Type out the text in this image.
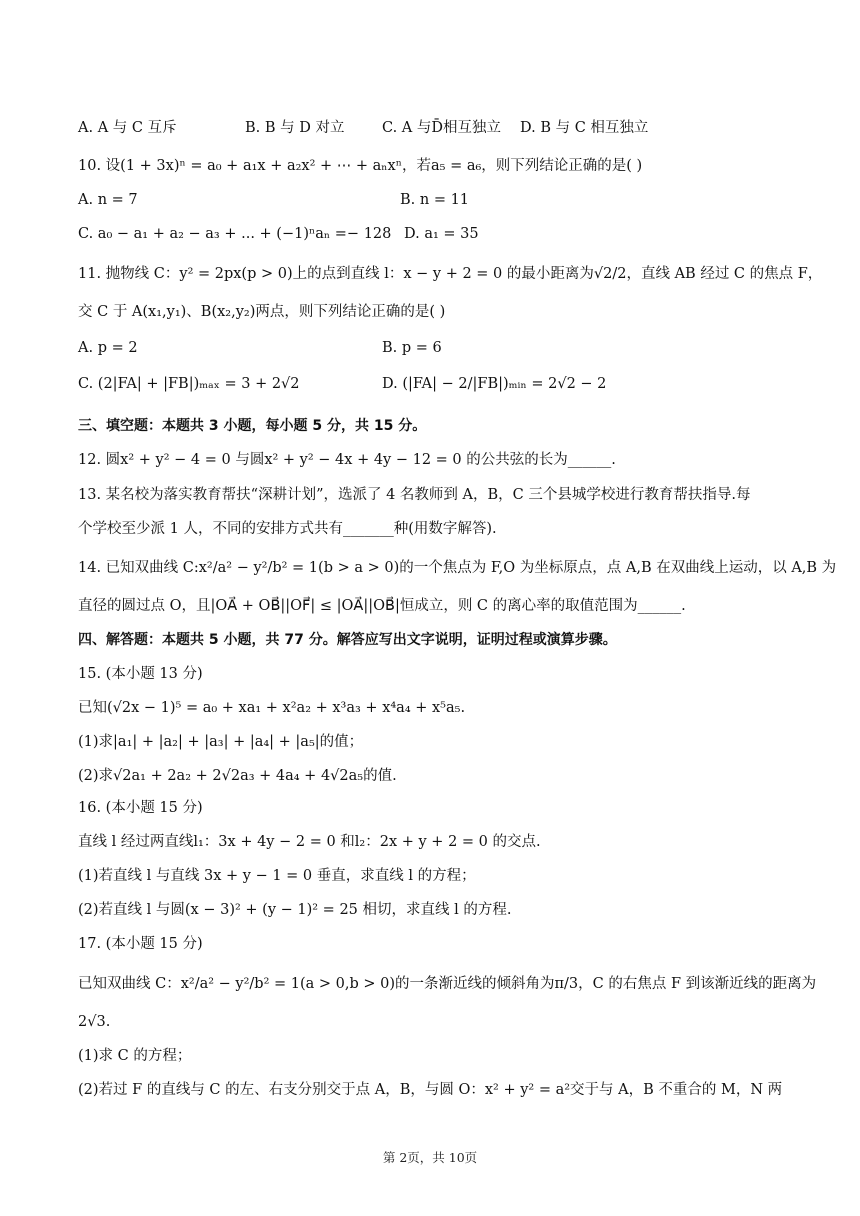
A. A 与 C 互斥	B. B 与 D 对立	C. A 与D̄相互独立 D. B 与 C 相互独立
10. 设(1 + 3x)ⁿ = a₀ + a₁x + a₂x² + ⋯ + aₙxⁿ，若a₅ = a₆，则下列结论正确的是( )
A. n = 7	B. n = 11
C. a₀ − a₁ + a₂ − a₃ + ... + (−1)ⁿaₙ =− 128 D. a₁ = 35
11. 抛物线 C：y² = 2px(p > 0)上的点到直线 l：x − y + 2 = 0 的最小距离为√2/2，直线 AB 经过 C 的焦点 F，
交 C 于 A(x₁,y₁)、B(x₂,y₂)两点，则下列结论正确的是( )
A. p = 2	B. p = 6
C. (2|FA| + |FB|)ₘₐₓ = 3 + 2√2	D. (|FA| − 2/|FB|)ₘᵢₙ = 2√2 − 2
三、填空题：本题共 3 小题，每小题 5 分，共 15 分。
12. 圆x² + y² − 4 = 0 与圆x² + y² − 4x + 4y − 12 = 0 的公共弦的长为______.
13. 某名校为落实教育帮扶“深耕计划”，选派了 4 名教师到 A，B，C 三个县城学校进行教育帮扶指导.每
个学校至少派 1 人，不同的安排方式共有_______种(用数字解答).
14. 已知双曲线 C:x²/a² − y²/b² = 1(b > a > 0)的一个焦点为 F,O 为坐标原点，点 A,B 在双曲线上运动，以 A,B 为
直径的圆过点 O，且|OA⃗ + OB⃗||OF⃗| ≤ |OA⃗||OB⃗|恒成立，则 C 的离心率的取值范围为______.
四、解答题：本题共 5 小题，共 77 分。解答应写出文字说明，证明过程或演算步骤。
15. (本小题 13 分)
已知(√2x − 1)⁵ = a₀ + xa₁ + x²a₂ + x³a₃ + x⁴a₄ + x⁵a₅.
(1)求|a₁| + |a₂| + |a₃| + |a₄| + |a₅|的值；
(2)求√2a₁ + 2a₂ + 2√2a₃ + 4a₄ + 4√2a₅的值.
16. (本小题 15 分)
直线 l 经过两直线l₁：3x + 4y − 2 = 0 和l₂：2x + y + 2 = 0 的交点.
(1)若直线 l 与直线 3x + y − 1 = 0 垂直，求直线 l 的方程；
(2)若直线 l 与圆(x − 3)² + (y − 1)² = 25 相切，求直线 l 的方程.
17. (本小题 15 分)
已知双曲线 C：x²/a² − y²/b² = 1(a > 0,b > 0)的一条渐近线的倾斜角为π/3，C 的右焦点 F 到该渐近线的距离为
2√3.
(1)求 C 的方程；
(2)若过 F 的直线与 C 的左、右支分别交于点 A，B，与圆 O：x² + y² = a²交于与 A，B 不重合的 M，N 两
第 2页，共 10页
